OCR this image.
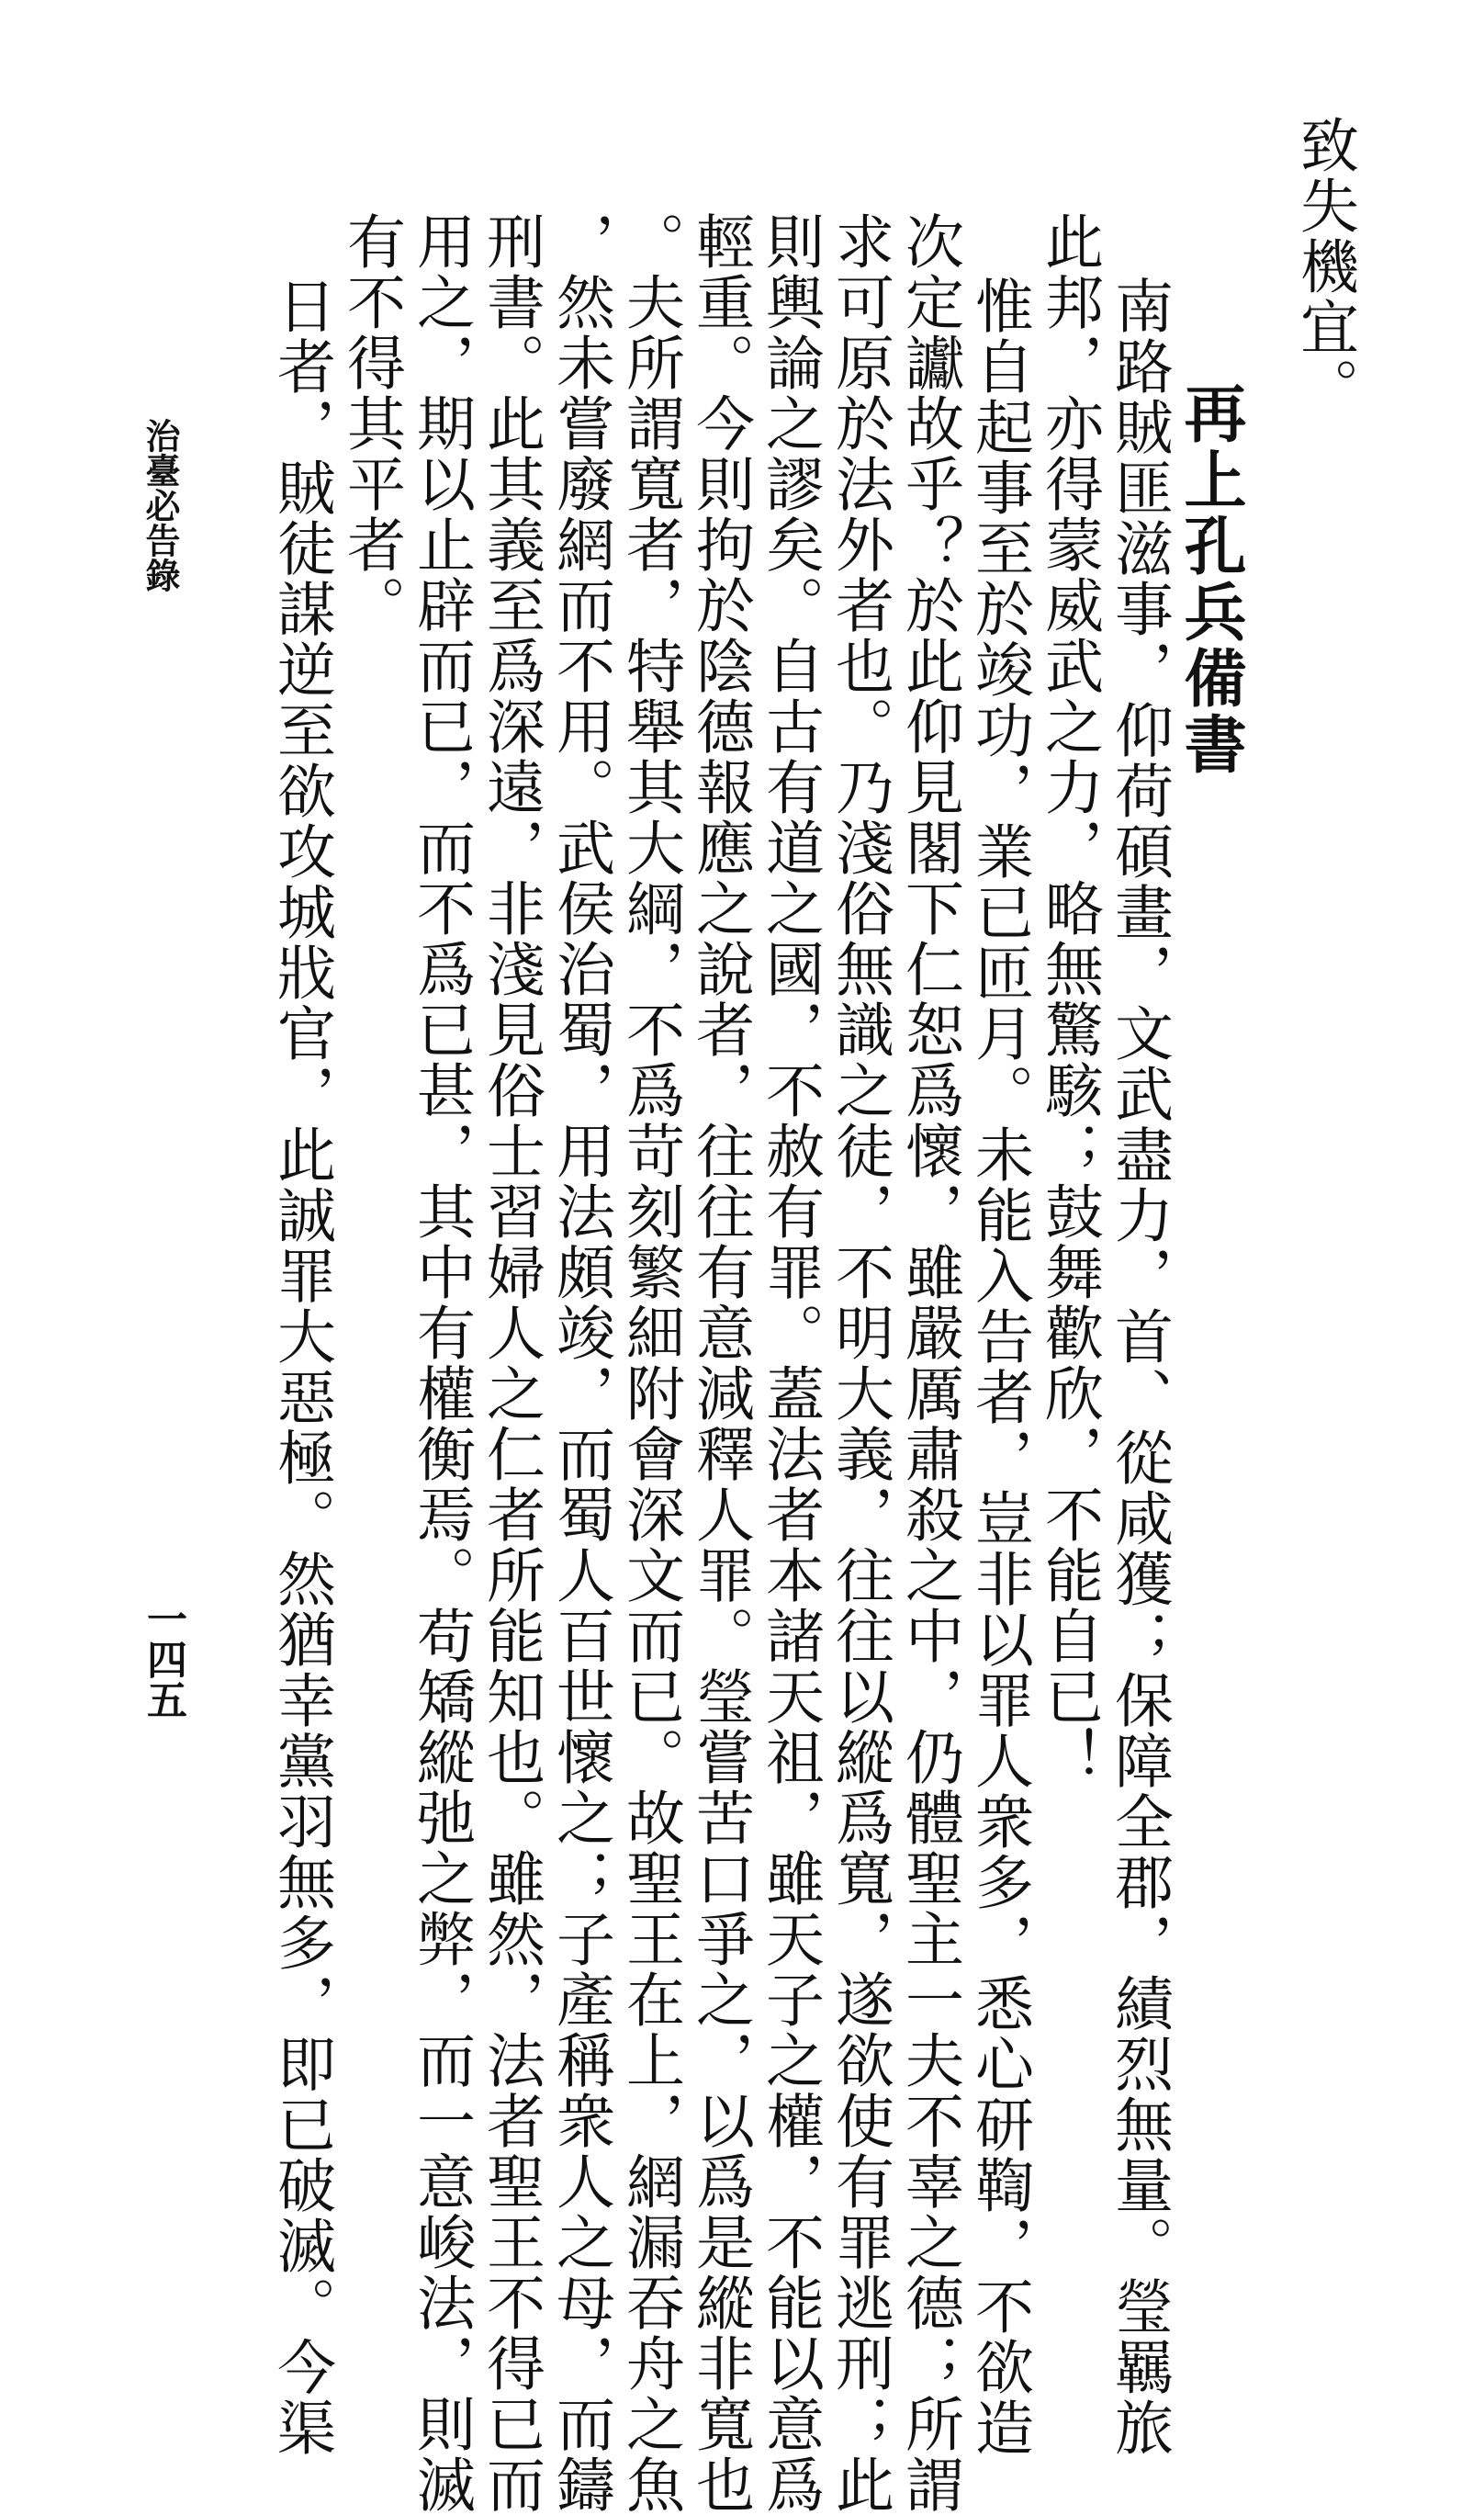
致失機宜。
再上孔兵備書
南路賊匪滋事，仰荷碩畫，文武盡力，首、從咸獲；保障全郡，績烈無量。瑩羈旅
此邦，亦得蒙威武之力，略無驚駭；鼓舞歡欣，不能自已！
惟自起事至於竣功，業已匝月。未能入告者，豈非以罪人衆多，悉心研鞫，不欲造
次定讞故乎？於此仰見閣下仁恕爲懷，雖嚴厲肅殺之中，仍體聖主一夫不辜之德；所謂
求可原於法外者也。乃淺俗無識之徒，不明大義，往往以縱爲寬，遂欲使有罪逃刑；此
則輿論之謬矣。自古有道之國，不赦有罪。蓋法者本諸天祖，雖天子之權，不能以意爲
輕重。今則拘於陰德報應之說者，往往有意減釋人罪。瑩嘗苦口爭之，以爲是縱非寬也
。夫所謂寬者，特舉其大綱，不爲苛刻繁細附會深文而已。故聖王在上，網漏吞舟之魚
，然未嘗廢網而不用。武侯治蜀，用法頗竣，而蜀人百世懷之；子產稱衆人之母，而鑄
刑書。此其義至爲深遠，非淺見俗士習婦人之仁者所能知也。雖然，法者聖王不得已而
用之，期以止辟而已，而不爲已甚，其中有權衡焉。苟矯縱弛之弊，而一意峻法，則滅
有不得其平者。
日者，賊徒謀逆至欲攻城戕官，此誠罪大惡極。然猶幸黨羽無多，即已破滅。今渠
治臺必告錄
一四五
